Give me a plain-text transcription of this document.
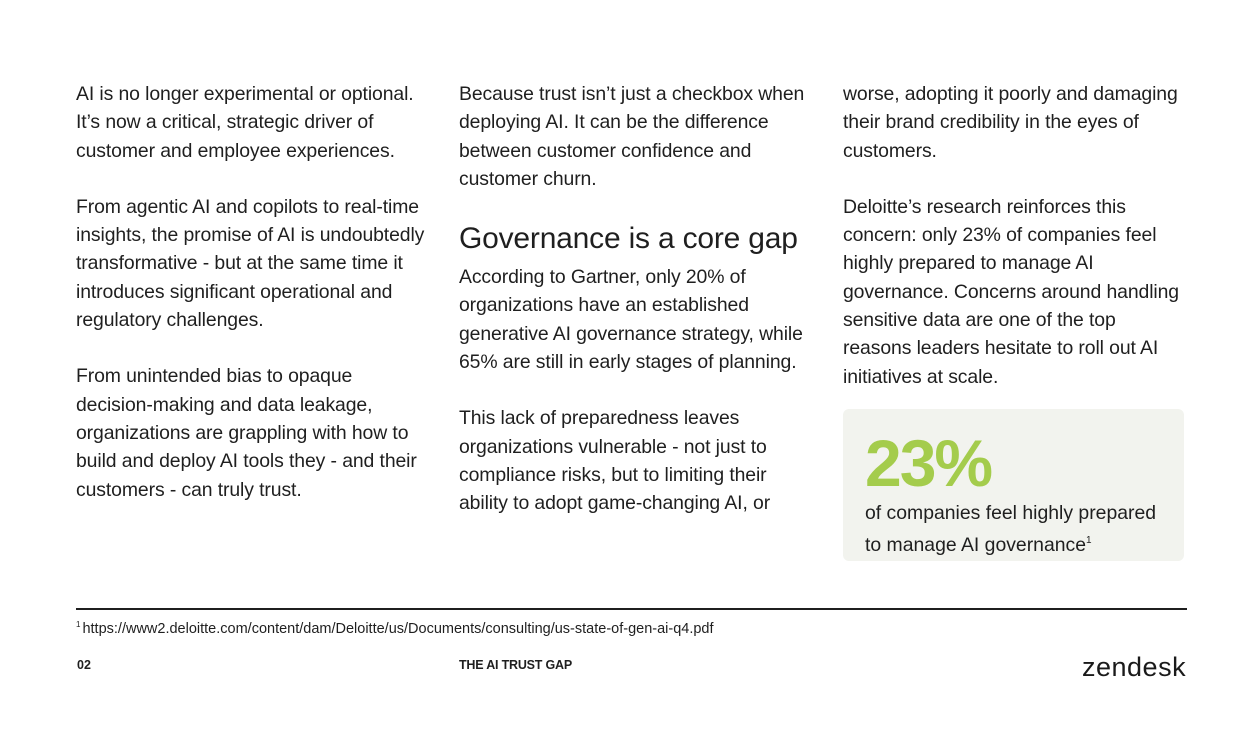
AI is no longer experimental or optional. It’s now a critical, strategic driver of customer and employee experiences.

From agentic AI and copilots to real-time insights, the promise of AI is undoubtedly transformative - but at the same time it introduces significant operational and regulatory challenges.

From unintended bias to opaque decision-making and data leakage, organizations are grappling with how to build and deploy AI tools they - and their customers - can truly trust.

Because trust isn’t just a checkbox when deploying AI. It can be the difference between customer confidence and customer churn.

Governance is a core gap

According to Gartner, only 20% of organizations have an established generative AI governance strategy, while 65% are still in early stages of planning.

This lack of preparedness leaves organizations vulnerable - not just to compliance risks, but to limiting their ability to adopt game-changing AI, or

worse, adopting it poorly and damaging their brand credibility in the eyes of customers.

Deloitte’s research reinforces this concern: only 23% of companies feel highly prepared to manage AI governance. Concerns around handling sensitive data are one of the top reasons leaders hesitate to roll out AI initiatives at scale.

23%
of companies feel highly prepared to manage AI governance$^1$
$^1$ https://www2.deloitte.com/content/dam/Deloitte/us/Documents/consulting/us-state-of-gen-ai-q4.pdf
02	THE AI TRUST GAP	zendesk
